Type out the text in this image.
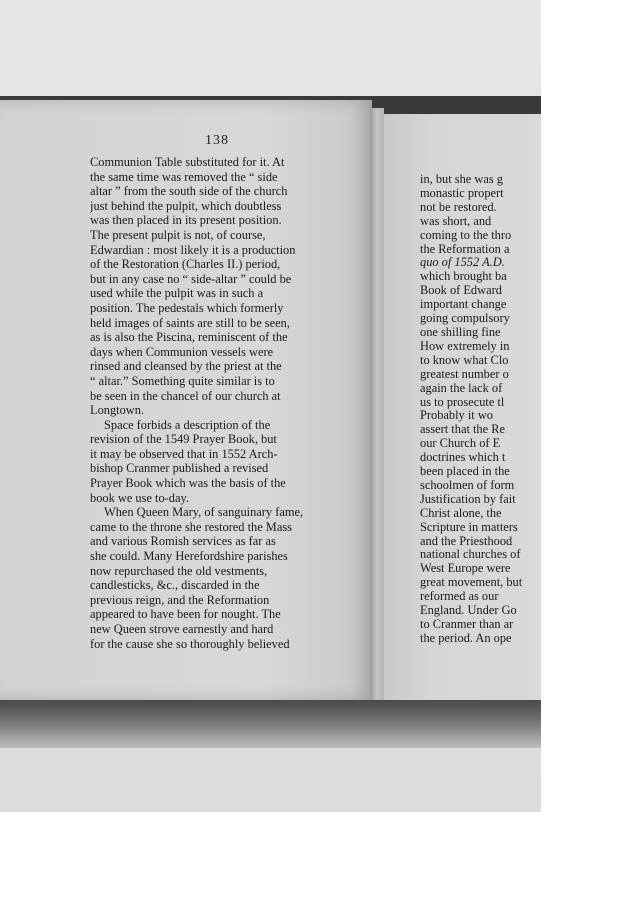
138
Communion Table substituted for it. At
the same time was removed the “ side
altar ” from the south side of the church
just behind the pulpit, which doubtless
was then placed in its present position.
The present pulpit is not, of course,
Edwardian : most likely it is a production
of the Restoration (Charles II.) period,
but in any case no “ side-altar ” could be
used while the pulpit was in such a
position. The pedestals which formerly
held images of saints are still to be seen,
as is also the Piscina, reminiscent of the
days when Communion vessels were
rinsed and cleansed by the priest at the
“ altar.” Something quite similar is to
be seen in the chancel of our church at
Longtown.
Space forbids a description of the
revision of the 1549 Prayer Book, but
it may be observed that in 1552 Arch-
bishop Cranmer published a revised
Prayer Book which was the basis of the
book we use to-day.
When Queen Mary, of sanguinary fame,
came to the throne she restored the Mass
and various Romish services as far as
she could. Many Herefordshire parishes
now repurchased the old vestments,
candlesticks, &c., discarded in the
previous reign, and the Reformation
appeared to have been for nought. The
new Queen strove earnestly and hard
for the cause she so thoroughly believed
in, but she was g
monastic propert
not be restored.
was short, and
coming to the thro
the Reformation a
quo of 1552 A.D.
which brought ba
Book of Edward
important change
going compulsory
one shilling fine
How extremely in
to know what Clo
greatest number o
again the lack of
us to prosecute tl
Probably it wo
assert that the Re
our Church of E
doctrines which t
been placed in the
schoolmen of form
Justification by fait
Christ alone, the
Scripture in matters
and the Priesthood
national churches of
West Europe were
great movement, but
reformed as our
England. Under Go
to Cranmer than ar
the period. An ope
